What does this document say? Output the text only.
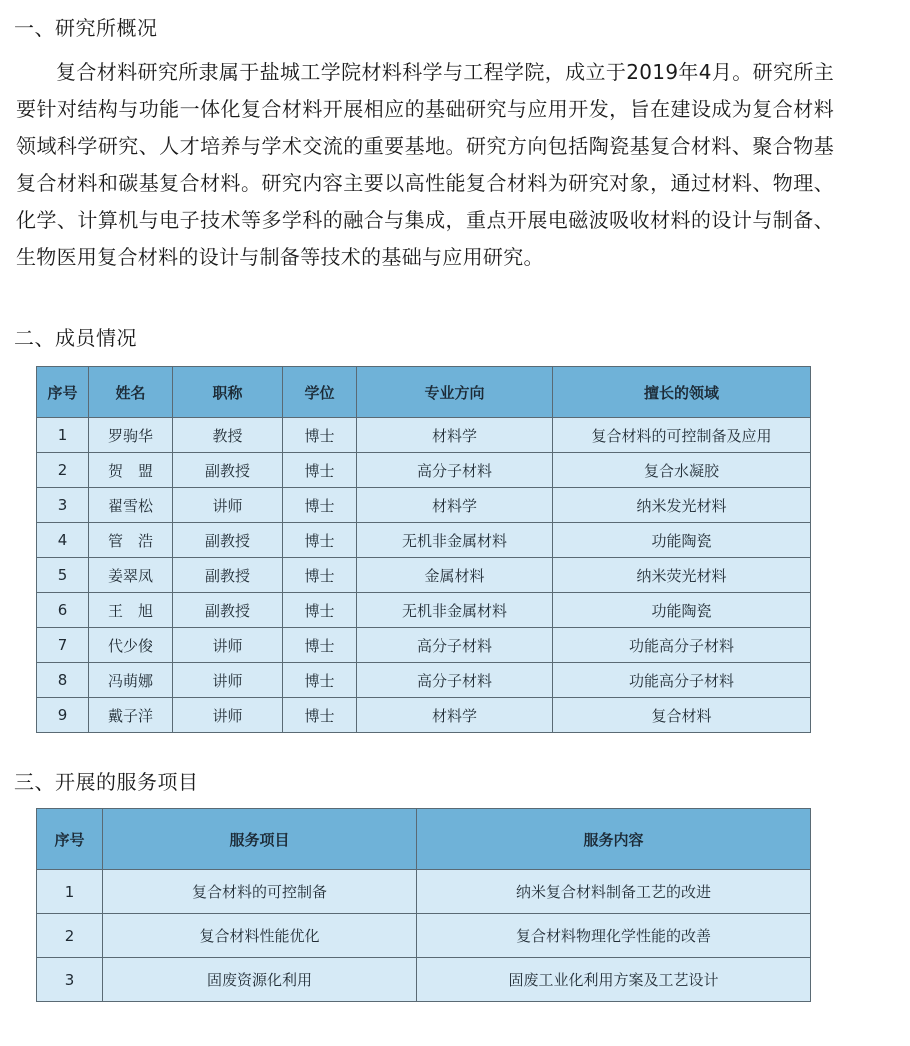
一、研究所概况

复合材料研究所隶属于盐城工学院材料科学与工程学院，成立于2019年4月。研究所主要针对结构与功能一体化复合材料开展相应的基础研究与应用开发，旨在建设成为复合材料领域科学研究、人才培养与学术交流的重要基地。研究方向包括陶瓷基复合材料、聚合物基复合材料和碳基复合材料。研究内容主要以高性能复合材料为研究对象，通过材料、物理、化学、计算机与电子技术等多学科的融合与集成，重点开展电磁波吸收材料的设计与制备、生物医用复合材料的设计与制备等技术的基础与应用研究。

二、成员情况
序号	姓名	职称	学位	专业方向	擅长的领域
1	罗驹华	教授	博士	材料学	复合材料的可控制备及应用
2	贺　盟	副教授	博士	高分子材料	复合水凝胶
3	翟雪松	讲师	博士	材料学	纳米发光材料
4	管　浩	副教授	博士	无机非金属材料	功能陶瓷
5	姜翠凤	副教授	博士	金属材料	纳米荧光材料
6	王　旭	副教授	博士	无机非金属材料	功能陶瓷
7	代少俊	讲师	博士	高分子材料	功能高分子材料
8	冯萌娜	讲师	博士	高分子材料	功能高分子材料
9	戴子洋	讲师	博士	材料学	复合材料
三、开展的服务项目
序号	服务项目	服务内容
1	复合材料的可控制备	纳米复合材料制备工艺的改进
2	复合材料性能优化	复合材料物理化学性能的改善
3	固废资源化利用	固废工业化利用方案及工艺设计
